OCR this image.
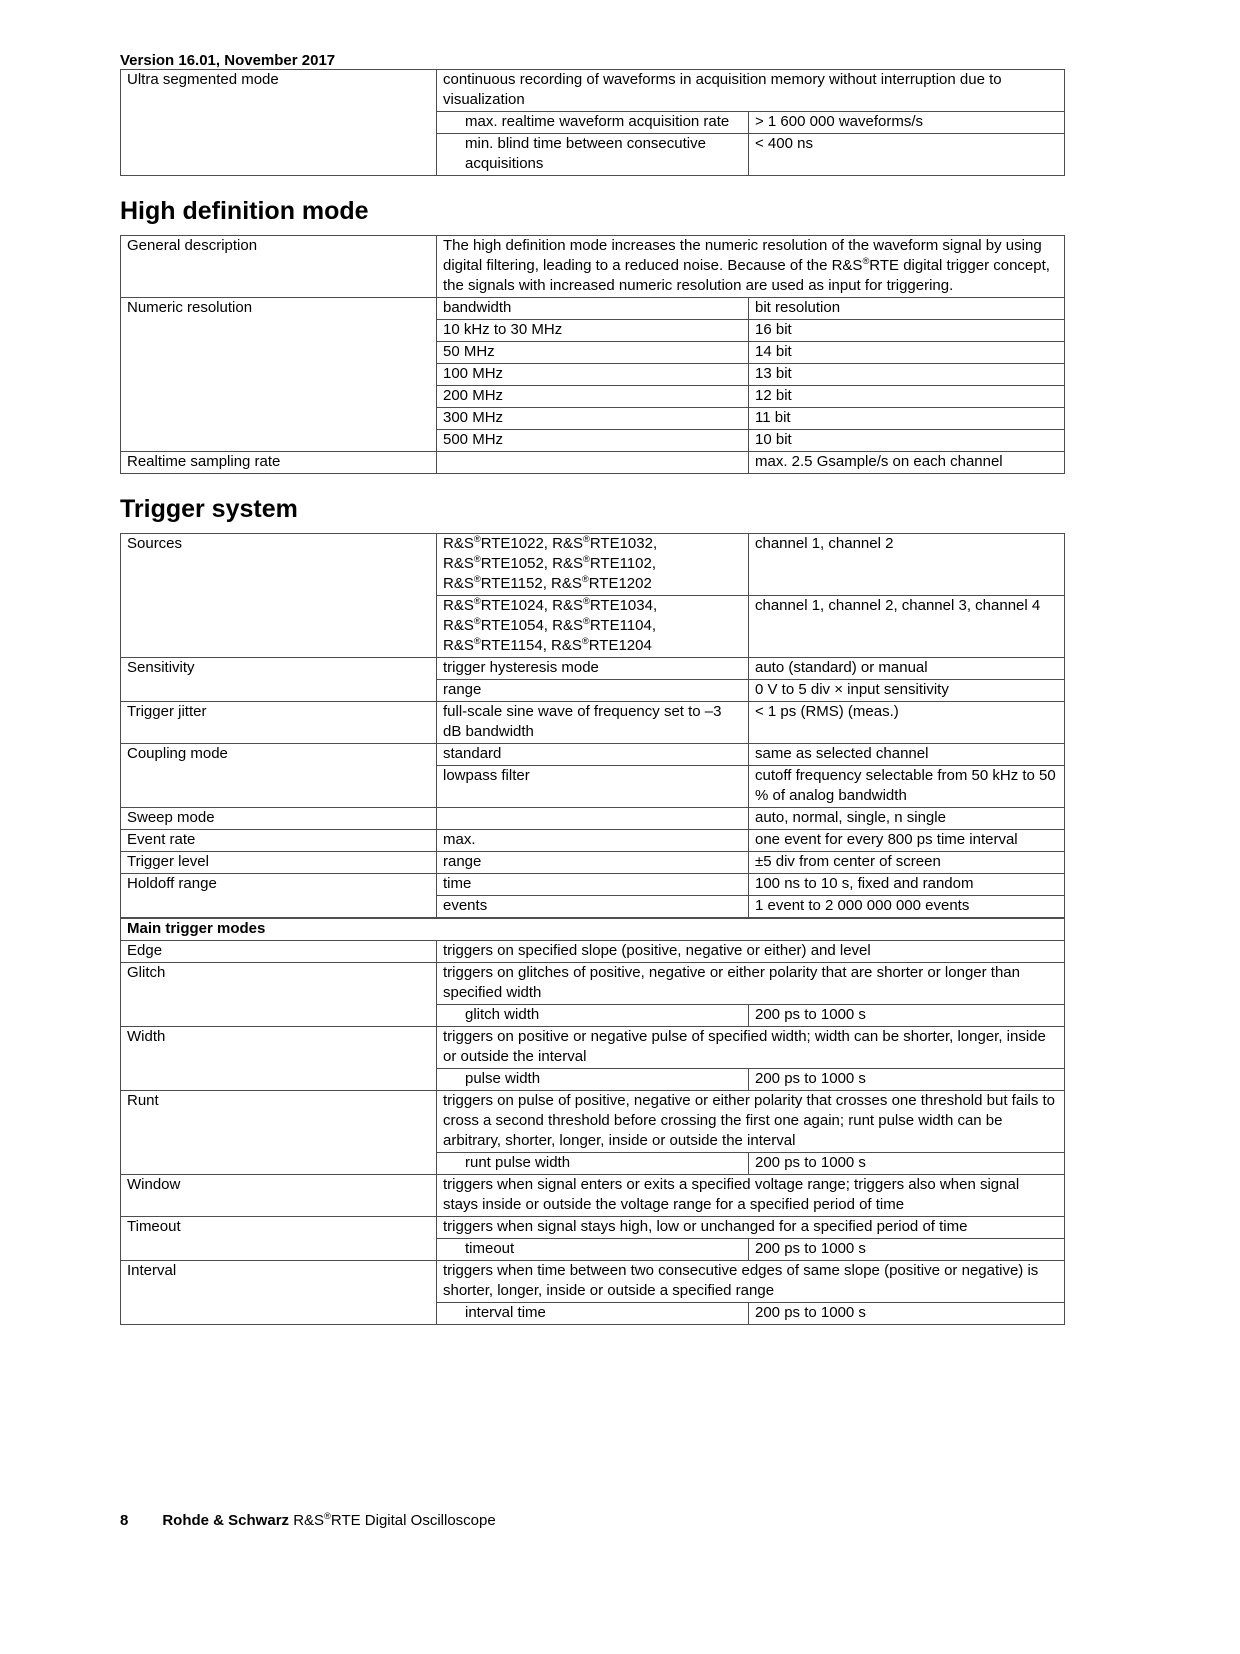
Version 16.01, November 2017
Ultra segmented mode	continuous recording of waveforms in acquisition memory without interruption due to visualization	
	max. realtime waveform acquisition rate	> 1 600 000 waveforms/s
	min. blind time between consecutive acquisitions	< 400 ns
High definition mode
General description	The high definition mode increases the numeric resolution of the waveform signal by using digital filtering, leading to a reduced noise. Because of the R&S®RTE digital trigger concept, the signals with increased numeric resolution are used as input for triggering.	
Numeric resolution	bandwidth	bit resolution
	10 kHz to 30 MHz	16 bit
	50 MHz	14 bit
	100 MHz	13 bit
	200 MHz	12 bit
	300 MHz	11 bit
	500 MHz	10 bit
Realtime sampling rate		max. 2.5 Gsample/s on each channel
Trigger system
Sources	R&S®RTE1022, R&S®RTE1032,
R&S®RTE1052, R&S®RTE1102,
R&S®RTE1152, R&S®RTE1202	channel 1, channel 2
	R&S®RTE1024, R&S®RTE1034,
R&S®RTE1054, R&S®RTE1104,
R&S®RTE1154, R&S®RTE1204	channel 1, channel 2, channel 3, channel 4
Sensitivity	trigger hysteresis mode	auto (standard) or manual
	range	0 V to 5 div × input sensitivity
Trigger jitter	full-scale sine wave of frequency set to –3 dB bandwidth	< 1 ps (RMS) (meas.)
Coupling mode	standard	same as selected channel
	lowpass filter	cutoff frequency selectable from 50 kHz to 50 % of analog bandwidth
Sweep mode		auto, normal, single, n single
Event rate	max.	one event for every 800 ps time interval
Trigger level	range	±5 div from center of screen
Holdoff range	time	100 ns to 10 s, fixed and random
	events	1 event to 2 000 000 000 events
Main trigger modes		
Edge	triggers on specified slope (positive, negative or either) and level	
Glitch	triggers on glitches of positive, negative or either polarity that are shorter or longer than specified width	
	glitch width	200 ps to 1000 s
Width	triggers on positive or negative pulse of specified width; width can be shorter, longer, inside or outside the interval	
	pulse width	200 ps to 1000 s
Runt	triggers on pulse of positive, negative or either polarity that crosses one threshold but fails to cross a second threshold before crossing the first one again; runt pulse width can be arbitrary, shorter, longer, inside or outside the interval	
	runt pulse width	200 ps to 1000 s
Window	triggers when signal enters or exits a specified voltage range; triggers also when signal stays inside or outside the voltage range for a specified period of time	
Timeout	triggers when signal stays high, low or unchanged for a specified period of time	
	timeout	200 ps to 1000 s
Interval	triggers when time between two consecutive edges of same slope (positive or negative) is shorter, longer, inside or outside a specified range	
	interval time	200 ps to 1000 s
8 Rohde & Schwarz R&S®RTE Digital Oscilloscope
